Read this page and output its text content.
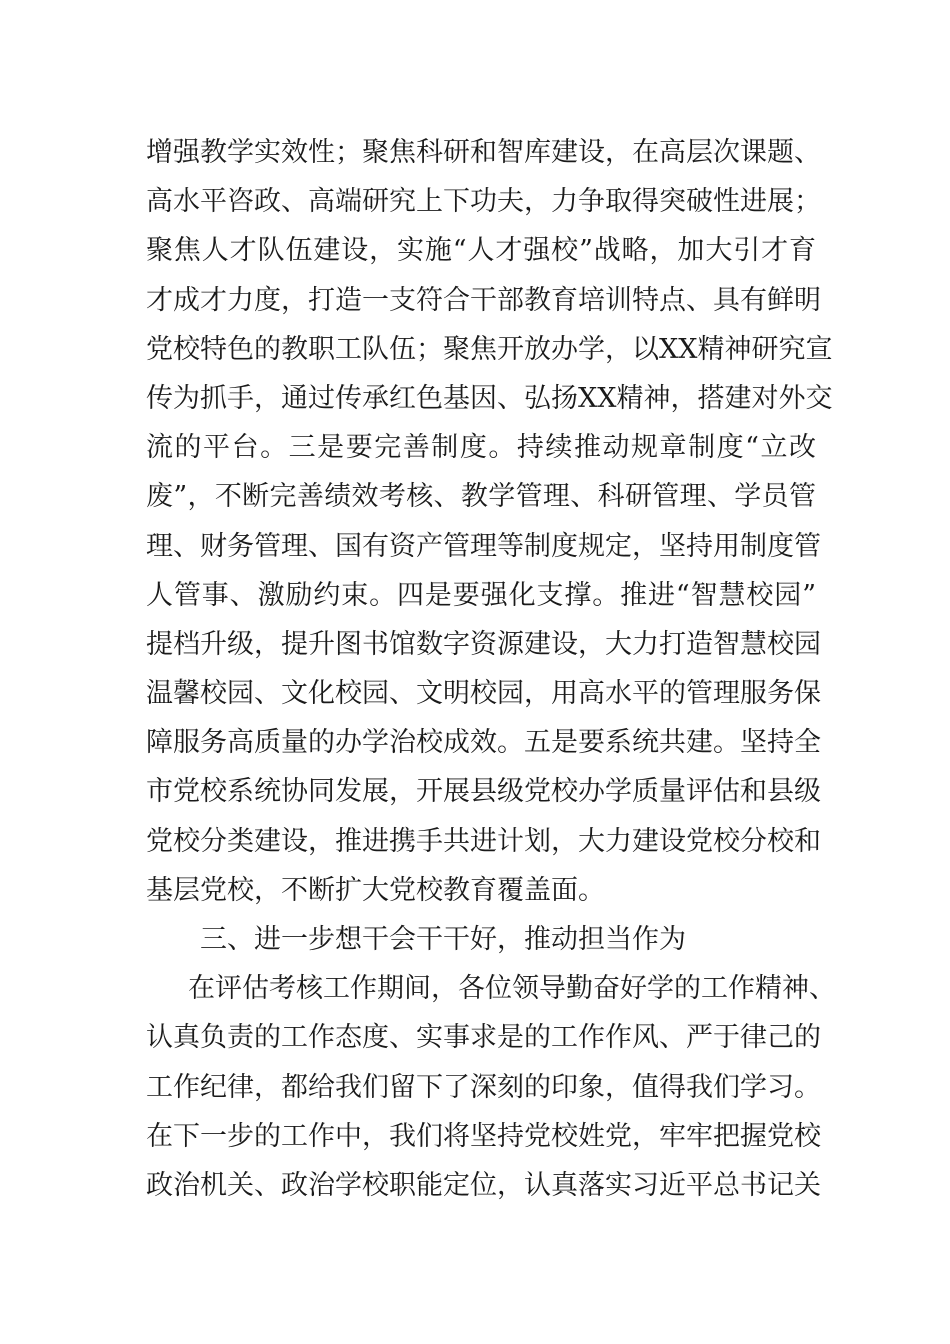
增强教学实效性；聚焦科研和智库建设，在高层次课题、
高水平咨政、高端研究上下功夫，力争取得突破性进展；
聚焦人才队伍建设，实施“人才强校”战略，加大引才育
才成才力度，打造一支符合干部教育培训特点、具有鲜明
党校特色的教职工队伍；聚焦开放办学，以XX精神研究宣
传为抓手，通过传承红色基因、弘扬XX精神，搭建对外交
流的平台。三是要完善制度。持续推动规章制度“立改
废”，不断完善绩效考核、教学管理、科研管理、学员管
理、财务管理、国有资产管理等制度规定，坚持用制度管
人管事、激励约束。四是要强化支撑。推进“智慧校园”
提档升级，提升图书馆数字资源建设，大力打造智慧校园
温馨校园、文化校园、文明校园，用高水平的管理服务保
障服务高质量的办学治校成效。五是要系统共建。坚持全
市党校系统协同发展，开展县级党校办学质量评估和县级
党校分类建设，推进携手共进计划，大力建设党校分校和
基层党校，不断扩大党校教育覆盖面。
三、进一步想干会干干好，推动担当作为
在评估考核工作期间，各位领导勤奋好学的工作精神、
认真负责的工作态度、实事求是的工作作风、严于律己的
工作纪律，都给我们留下了深刻的印象，值得我们学习。
在下一步的工作中，我们将坚持党校姓党，牢牢把握党校
政治机关、政治学校职能定位，认真落实习近平总书记关
